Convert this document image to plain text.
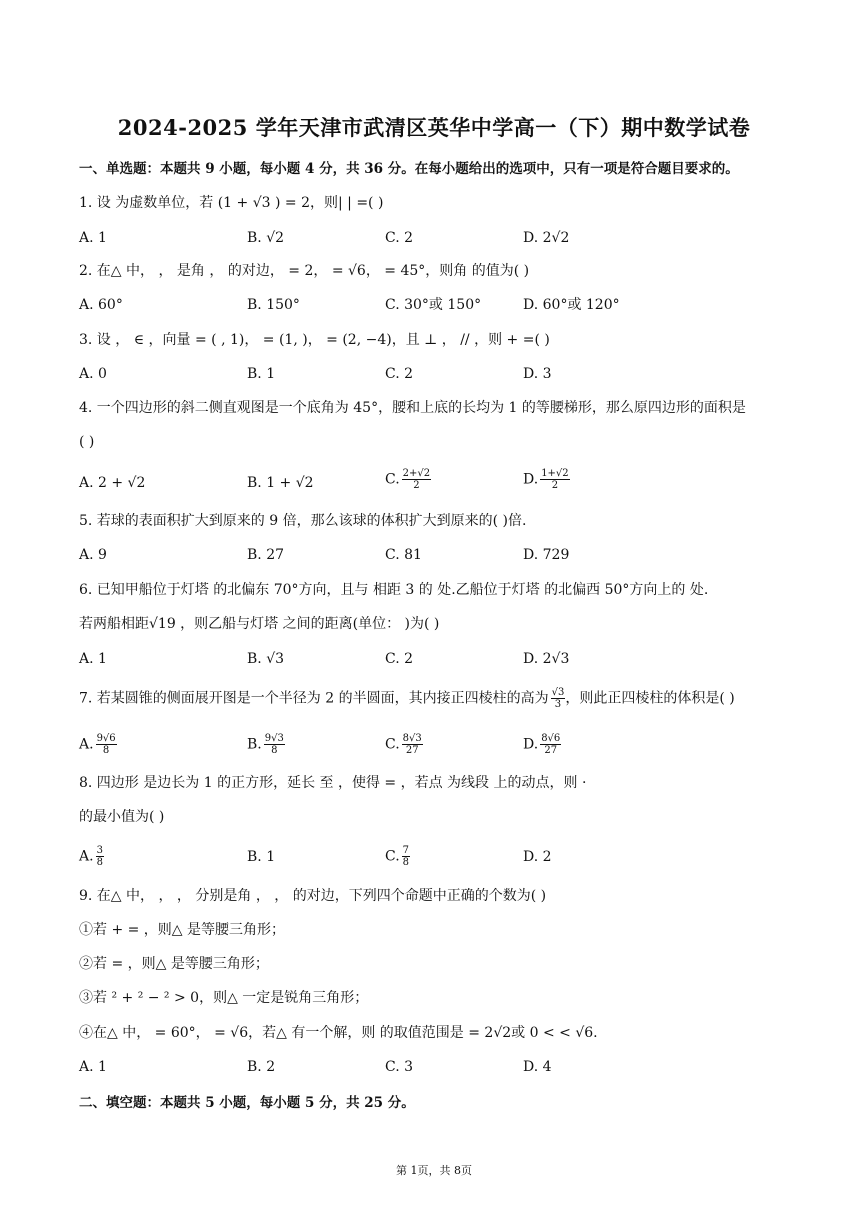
2024-2025 学年天津市武清区英华中学高一（下）期中数学试卷
一、单选题：本题共 9 小题，每小题 4 分，共 36 分。在每小题给出的选项中，只有一项是符合题目要求的。
1. 设 为虚数单位，若 (1 + √3 ) = 2，则| | =( )
A. 1	B. √2	C. 2	D. 2√2
2. 在△ 中， ， 是角 ， 的对边， = 2， = √6， = 45°，则角 的值为( )
A. 60°	B. 150°	C. 30°或 150°	D. 60°或 120°
3. 设 ， ∈ ，向量 = ( , 1)， = (1, )， = (2, −4)，且 ⊥ ， // ，则 + =( )
A. 0	B. 1	C. 2	D. 3
4. 一个四边形的斜二侧直观图是一个底角为 45°，腰和上底的长均为 1 的等腰梯形，那么原四边形的面积是
( )
A. 2 + √2	B. 1 + √2	C. $\frac{2+√2}{2}$	D. $\frac{1+√2}{2}$
5. 若球的表面积扩大到原来的 9 倍，那么该球的体积扩大到原来的( )倍.
A. 9	B. 27	C. 81	D. 729
6. 已知甲船位于灯塔 的北偏东 70°方向，且与 相距 3 的 处.乙船位于灯塔 的北偏西 50°方向上的 处.
若两船相距√19 ，则乙船与灯塔 之间的距离(单位： )为( )
A. 1	B. √3	C. 2	D. 2√3
7. 若某圆锥的侧面展开图是一个半径为 2 的半圆面，其内接正四棱柱的高为 $\frac{√3}{3}$ ，则此正四棱柱的体积是( )
A. $\frac{9√6}{8}$	B. $\frac{9√3}{8}$	C. $\frac{8√3}{27}$	D. $\frac{8√6}{27}$
8. 四边形 是边长为 1 的正方形，延长 至 ，使得 = ，若点 为线段 上的动点，则 ·
的最小值为( )
A. $\frac{3}{8}$	B. 1	C. $\frac{7}{8}$	D. 2
9. 在△ 中， ， ， 分别是角 ， ， 的对边，下列四个命题中正确的个数为( )
①若 + = ，则△ 是等腰三角形；
②若 = ，则△ 是等腰三角形；
③若 ² + ² − ² > 0，则△ 一定是锐角三角形；
④在△ 中， = 60°， = √6，若△ 有一个解，则 的取值范围是 = 2√2或 0 < < √6.
A. 1	B. 2	C. 3	D. 4
二、填空题：本题共 5 小题，每小题 5 分，共 25 分。
第 1页，共 8页
